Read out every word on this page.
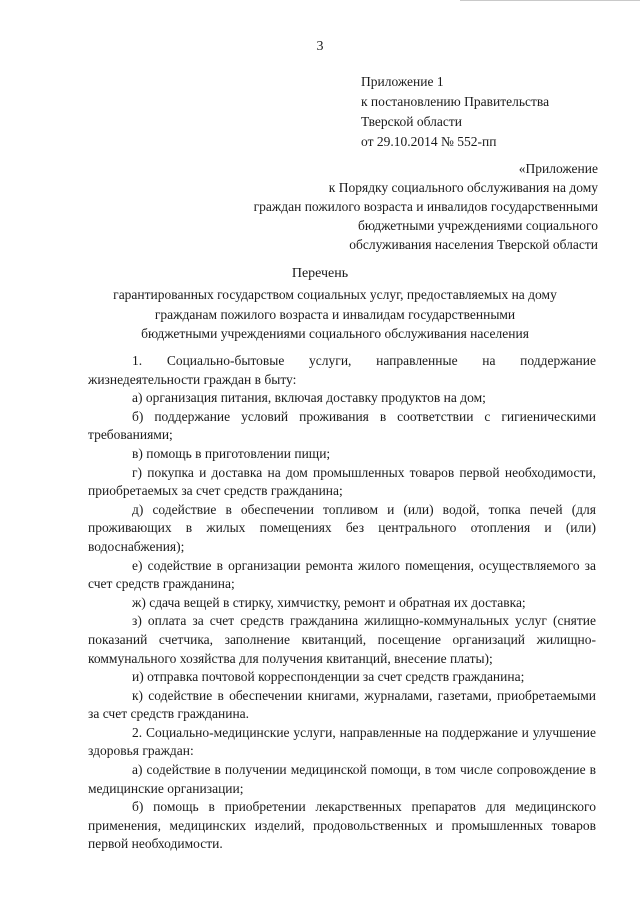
3
Приложение 1
к постановлению Правительства
Тверской области
от 29.10.2014 № 552-пп
«Приложение
к Порядку социального обслуживания на дому
граждан пожилого возраста и инвалидов государственными
бюджетными учреждениями социального
обслуживания населения Тверской области
Перечень
гарантированных государством социальных услуг, предоставляемых на дому
гражданам пожилого возраста и инвалидам государственными
бюджетными учреждениями социального обслуживания населения

1. Социально-бытовые услуги, направленные на поддержание жизнедеятельности граждан в быту:

а) организация питания, включая доставку продуктов на дом;

б) поддержание условий проживания в соответствии с гигиеническими требованиями;

в) помощь в приготовлении пищи;

г) покупка и доставка на дом промышленных товаров первой необходимости, приобретаемых за счет средств гражданина;

д) содействие в обеспечении топливом и (или) водой, топка печей (для проживающих в жилых помещениях без центрального отопления и (или) водоснабжения);

е) содействие в организации ремонта жилого помещения, осуществляемого за счет средств гражданина;

ж) сдача вещей в стирку, химчистку, ремонт и обратная их доставка;

з) оплата за счет средств гражданина жилищно-коммунальных услуг (снятие показаний счетчика, заполнение квитанций, посещение организаций жилищно-коммунального хозяйства для получения квитанций, внесение платы);

и) отправка почтовой корреспонденции за счет средств гражданина;

к) содействие в обеспечении книгами, журналами, газетами, приобретаемыми за счет средств гражданина.

2. Социально-медицинские услуги, направленные на поддержание и улучшение здоровья граждан:

а) содействие в получении медицинской помощи, в том числе сопровождение в медицинские организации;

б) помощь в приобретении лекарственных препаратов для медицинского применения, медицинских изделий, продовольственных и промышленных товаров первой необходимости.
